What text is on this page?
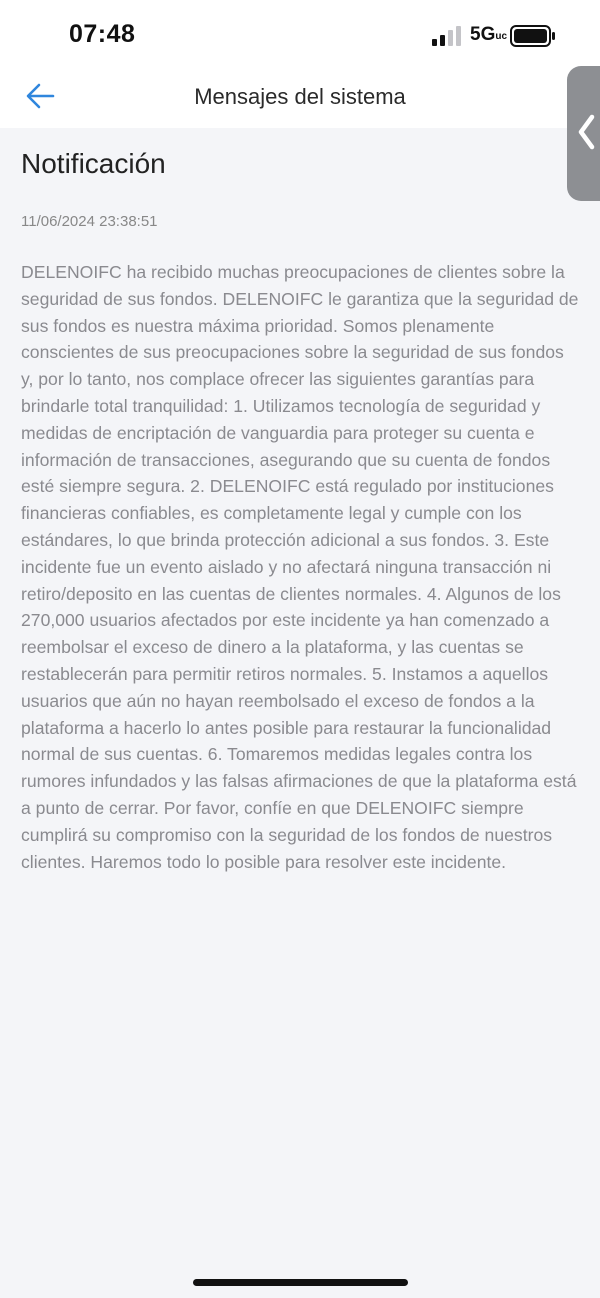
07:48	5Guc
Mensajes del sistema
Notificación
11/06/2024 23:38:51

DELENOIFC ha recibido muchas preocupaciones de clientes sobre la seguridad de sus fondos. DELENOIFC le garantiza que la seguridad de sus fondos es nuestra máxima prioridad. Somos plenamente conscientes de sus preocupaciones sobre la seguridad de sus fondos y, por lo tanto, nos complace ofrecer las siguientes garantías para brindarle total tranquilidad: 1. Utilizamos tecnología de seguridad y medidas de encriptación de vanguardia para proteger su cuenta e información de transacciones, asegurando que su cuenta de fondos esté siempre segura. 2. DELENOIFC está regulado por instituciones financieras confiables, es completamente legal y cumple con los estándares, lo que brinda protección adicional a sus fondos. 3. Este incidente fue un evento aislado y no afectará ninguna transacción ni retiro/deposito en las cuentas de clientes normales. 4. Algunos de los 270,000 usuarios afectados por este incidente ya han comenzado a reembolsar el exceso de dinero a la plataforma, y las cuentas se restablecerán para permitir retiros normales. 5. Instamos a aquellos usuarios que aún no hayan reembolsado el exceso de fondos a la plataforma a hacerlo lo antes posible para restaurar la funcionalidad normal de sus cuentas. 6. Tomaremos medidas legales contra los rumores infundados y las falsas afirmaciones de que la plataforma está a punto de cerrar. Por favor, confíe en que DELENOIFC siempre cumplirá su compromiso con la seguridad de los fondos de nuestros clientes. Haremos todo lo posible para resolver este incidente.
